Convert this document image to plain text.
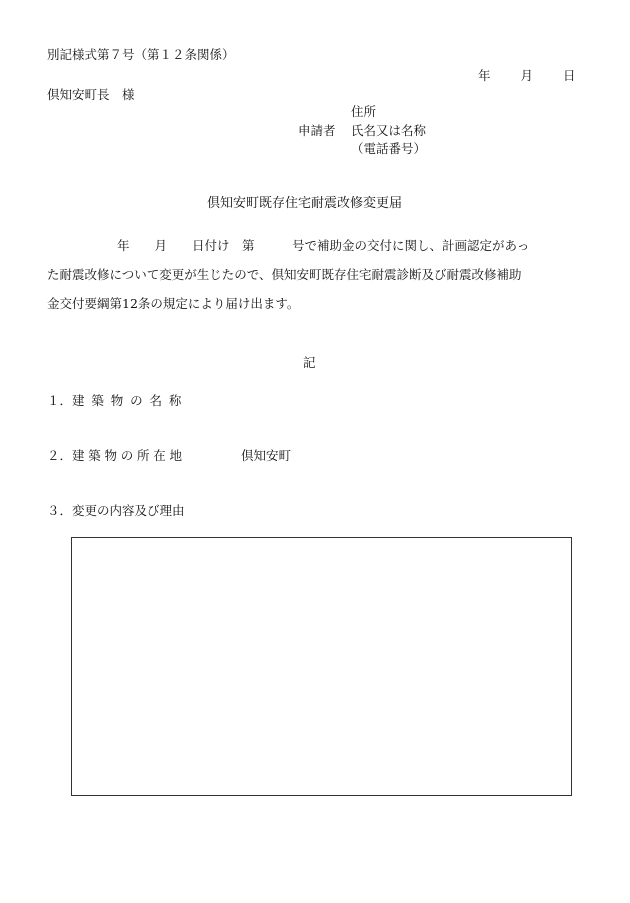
別記様式第７号（第１２条関係）
年 月 日
倶知安町長　様
住所
申請者 氏名又は名称
（電話番号）
倶知安町既存住宅耐震改修変更届
年　　月　　日付け　第　　　号で補助金の交付に関し、計画認定があっ
た耐震改修について変更が生じたので、倶知安町既存住宅耐震診断及び耐震改修補助
金交付要綱第12条の規定により届け出ます。
記
１．建築物の名称
２．建築物の所在地	倶知安町
３．変更の内容及び理由
